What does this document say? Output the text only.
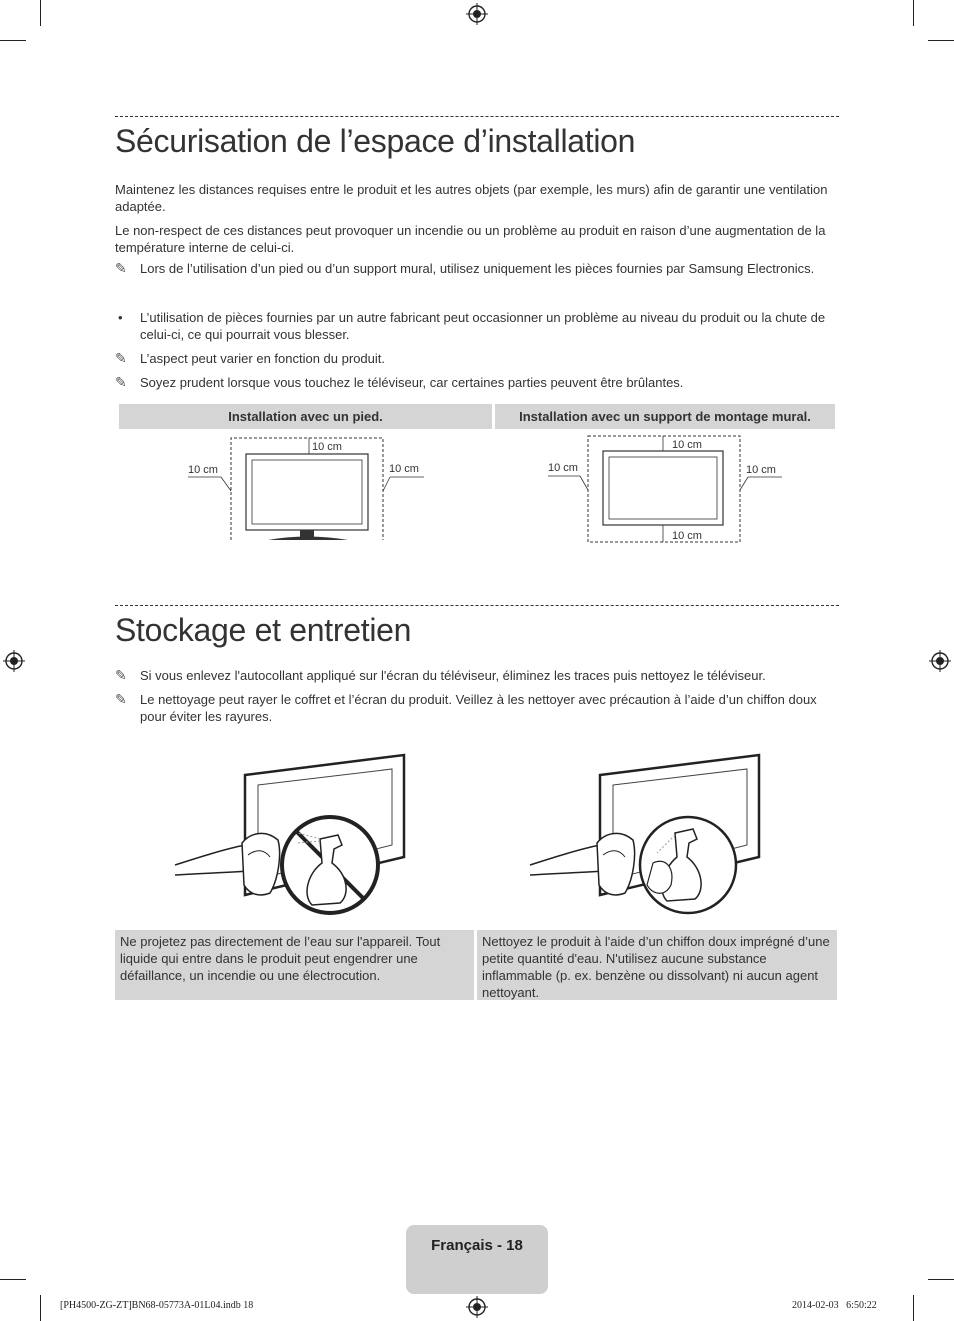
Sécurisation de l’espace d’installation

Maintenez les distances requises entre le produit et les autres objets (par exemple, les murs) afin de garantir une ventilation adaptée.

Le non-respect de ces distances peut provoquer un incendie ou un problème au produit en raison d’une augmentation de la température interne de celui-ci.

✎ Lors de l’utilisation d’un pied ou d’un support mural, utilisez uniquement les pièces fournies par Samsung Electronics.
• L’utilisation de pièces fournies par un autre fabricant peut occasionner un problème au niveau du produit ou la chute de celui-ci, ce qui pourrait vous blesser.
✎ L’aspect peut varier en fonction du produit.
✎ Soyez prudent lorsque vous touchez le téléviseur, car certaines parties peuvent être brûlantes.
Installation avec un pied.	Installation avec un support de montage mural.
10 cm
10 cm	10 cm
10 cm
10 cm	10 cm
10 cm
Stockage et entretien
✎ Si vous enlevez l'autocollant appliqué sur l'écran du téléviseur, éliminez les traces puis nettoyez le téléviseur.
✎ Le nettoyage peut rayer le coffret et l’écran du produit. Veillez à les nettoyer avec précaution à l’aide d’un chiffon doux pour éviter les rayures.
Ne projetez pas directement de l’eau sur l'appareil. Tout liquide qui entre dans le produit peut engendrer une défaillance, un incendie ou une électrocution.
Nettoyez le produit à l'aide d’un chiffon doux imprégné d’une petite quantité d'eau. N'utilisez aucune substance inflammable (p. ex. benzène ou dissolvant) ni aucun agent nettoyant.
Français - 18
[PH4500-ZG-ZT]BN68-05773A-01L04.indb 18	2014-02-03   6:50:22
